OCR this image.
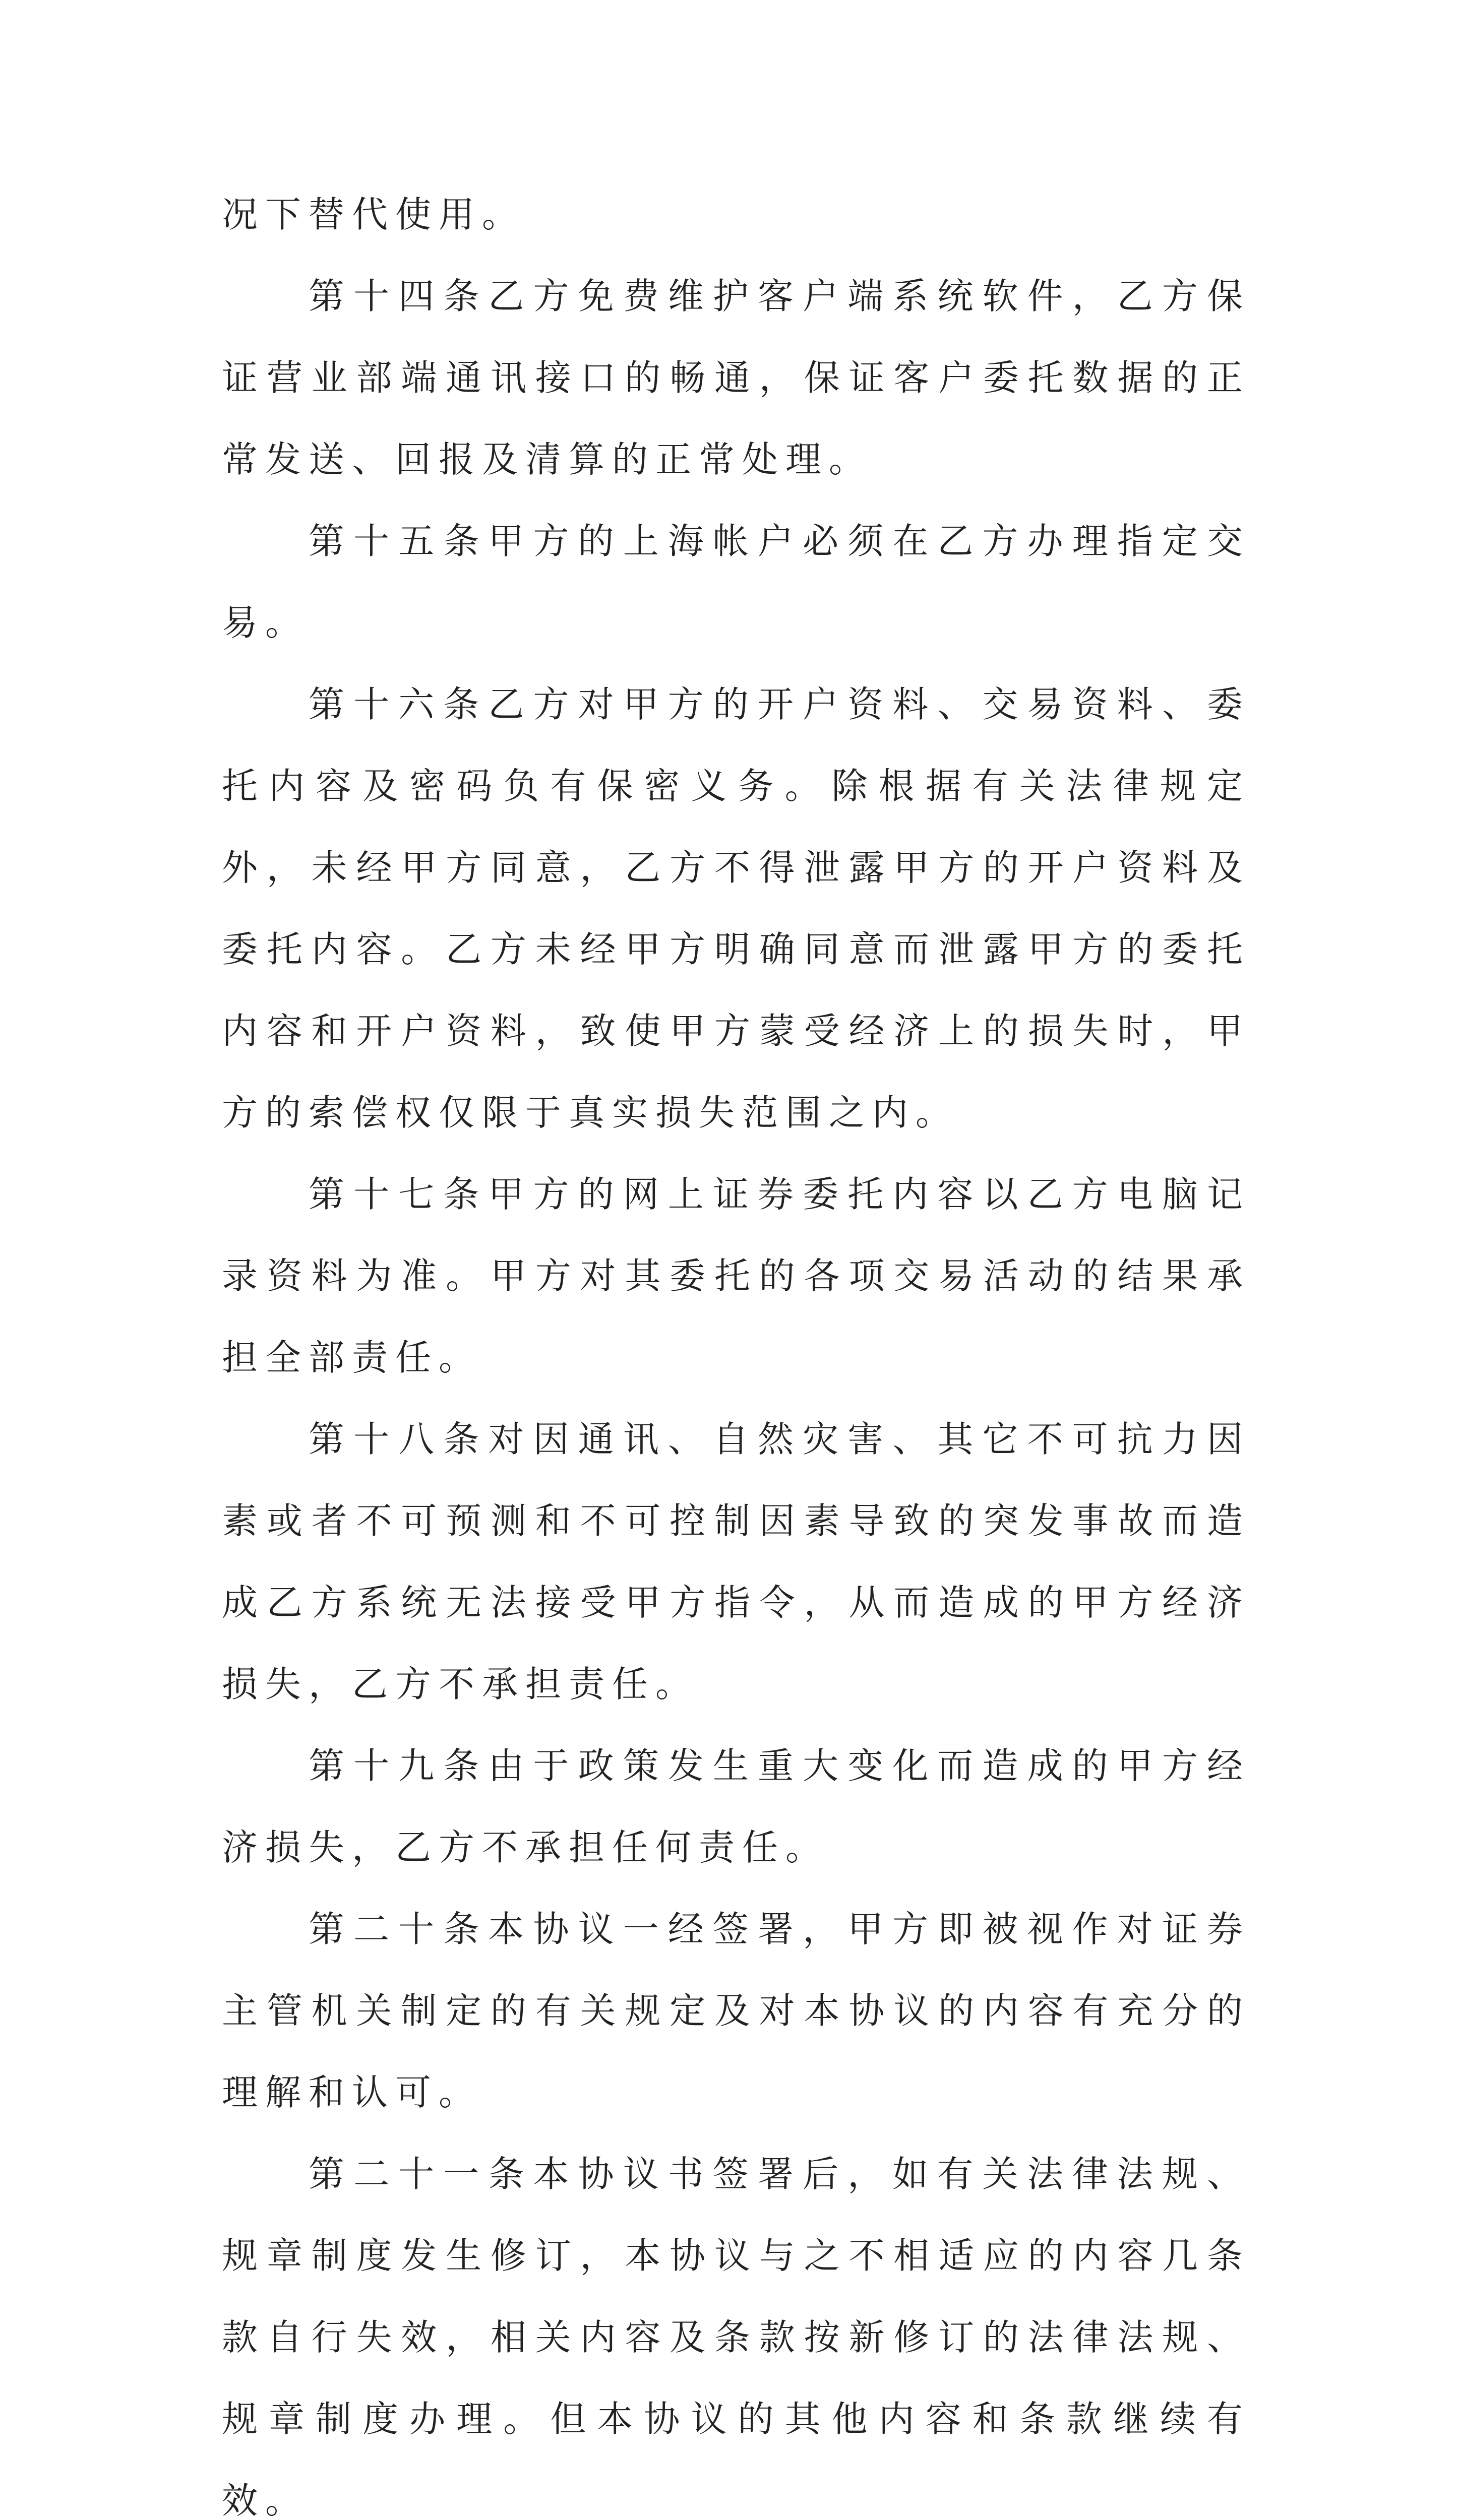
况下替代使用。

第十四条乙方免费维护客户端系统软件，乙方保证营业部端通讯接口的畅通，保证客户委托数据的正常发送、回报及清算的正常处理。

第十五条甲方的上海帐户必须在乙方办理指定交易。

第十六条乙方对甲方的开户资料、交易资料、委托内容及密码负有保密义务。除根据有关法律规定外，未经甲方同意，乙方不得泄露甲方的开户资料及委托内容。乙方未经甲方明确同意而泄露甲方的委托内容和开户资料，致使甲方蒙受经济上的损失时，甲方的索偿权仅限于真实损失范围之内。

第十七条甲方的网上证券委托内容以乙方电脑记录资料为准。甲方对其委托的各项交易活动的结果承担全部责任。

第十八条对因通讯、自然灾害、其它不可抗力因素或者不可预测和不可控制因素导致的突发事故而造成乙方系统无法接受甲方指令，从而造成的甲方经济损失，乙方不承担责任。

第十九条由于政策发生重大变化而造成的甲方经济损失，乙方不承担任何责任。

第二十条本协议一经签署，甲方即被视作对证券主管机关制定的有关规定及对本协议的内容有充分的理解和认可。

第二十一条本协议书签署后，如有关法律法规、规章制度发生修订，本协议与之不相适应的内容几条款自行失效，相关内容及条款按新修订的法律法规、规章制度办理。但本协议的其他内容和条款继续有效。
